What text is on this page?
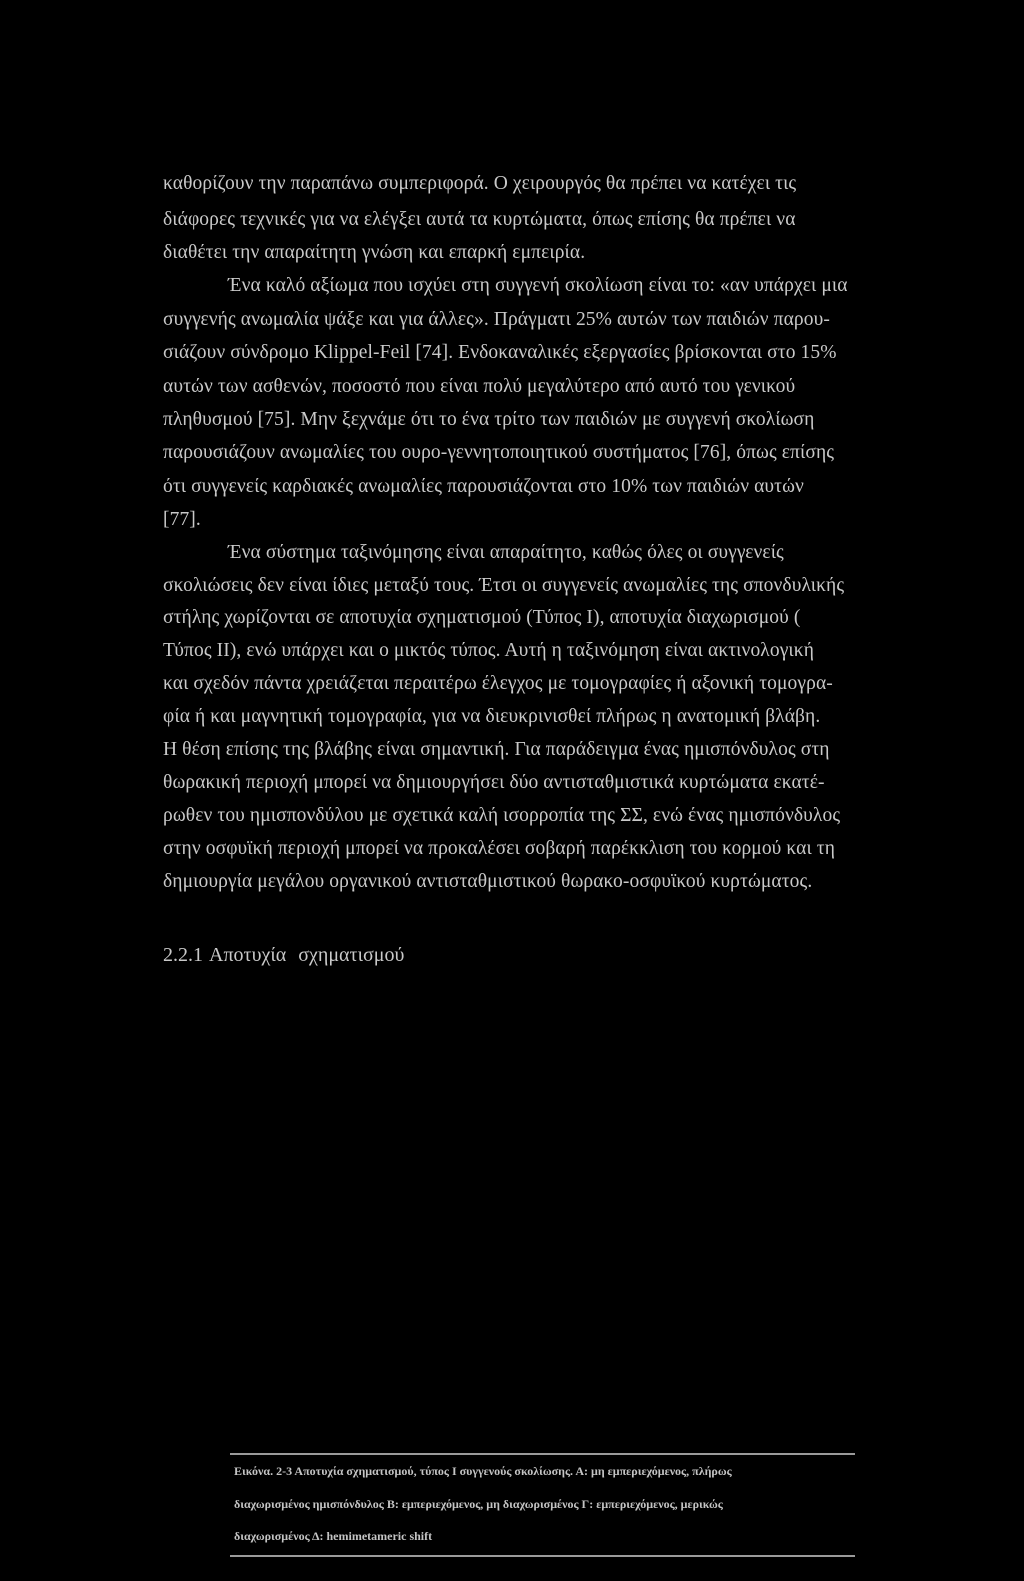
καθορίζουν την παραπάνω συμπεριφορά. Ο χειρουργός θα πρέπει να κατέχει τις
διάφορες τεχνικές για να ελέγξει αυτά τα κυρτώματα, όπως επίσης θα πρέπει να
διαθέτει την απαραίτητη γνώση και επαρκή εμπειρία.
Ένα καλό αξίωμα που ισχύει στη συγγενή σκολίωση είναι το: «αν υπάρχει μια
συγγενής ανωμαλία ψάξε και για άλλες». Πράγματι 25% αυτών των παιδιών παρου-
σιάζουν σύνδρομο Klippel-Feil [74]. Ενδοκαναλικές εξεργασίες βρίσκονται στο 15%
αυτών των ασθενών, ποσοστό που είναι πολύ μεγαλύτερο από αυτό του γενικού
πληθυσμού [75]. Μην ξεχνάμε ότι το ένα τρίτο των παιδιών με συγγενή σκολίωση
παρουσιάζουν ανωμαλίες του ουρο-γεννητοποιητικού συστήματος [76], όπως επίσης
ότι συγγενείς καρδιακές ανωμαλίες παρουσιάζονται στο 10% των παιδιών αυτών
[77].
Ένα σύστημα ταξινόμησης είναι απαραίτητο, καθώς όλες οι συγγενείς
σκολιώσεις δεν είναι ίδιες μεταξύ τους. Έτσι οι συγγενείς ανωμαλίες της σπονδυλικής
στήλης χωρίζονται σε αποτυχία σχηματισμού (Τύπος Ι), αποτυχία διαχωρισμού (
Τύπος ΙΙ), ενώ υπάρχει και ο μικτός τύπος. Αυτή η ταξινόμηση είναι ακτινολογική
και σχεδόν πάντα χρειάζεται περαιτέρω έλεγχος με τομογραφίες ή αξονική τομογρα-
φία ή και μαγνητική τομογραφία, για να διευκρινισθεί πλήρως η ανατομική βλάβη.
Η θέση επίσης της βλάβης είναι σημαντική. Για παράδειγμα ένας ημισπόνδυλος στη
θωρακική περιοχή μπορεί να δημιουργήσει δύο αντισταθμιστικά κυρτώματα εκατέ-
ρωθεν του ημισπονδύλου με σχετικά καλή ισορροπία της ΣΣ, ενώ ένας ημισπόνδυλος
στην οσφυϊκή περιοχή μπορεί να προκαλέσει σοβαρή παρέκκλιση του κορμού και τη
δημιουργία μεγάλου οργανικού αντισταθμιστικού θωρακο-οσφυϊκού κυρτώματος.
2.2.1 Αποτυχία σχηματισμού
Εικόνα. 2-3 Αποτυχία σχηματισμού, τύπος Ι συγγενούς σκολίωσης. Α: μη εμπεριεχόμενος, πλήρως
διαχωρισμένος ημισπόνδυλος Β: εμπεριεχόμενος, μη διαχωρισμένος Γ: εμπεριεχόμενος, μερικώς
διαχωρισμένος Δ: hemimetameric shift
